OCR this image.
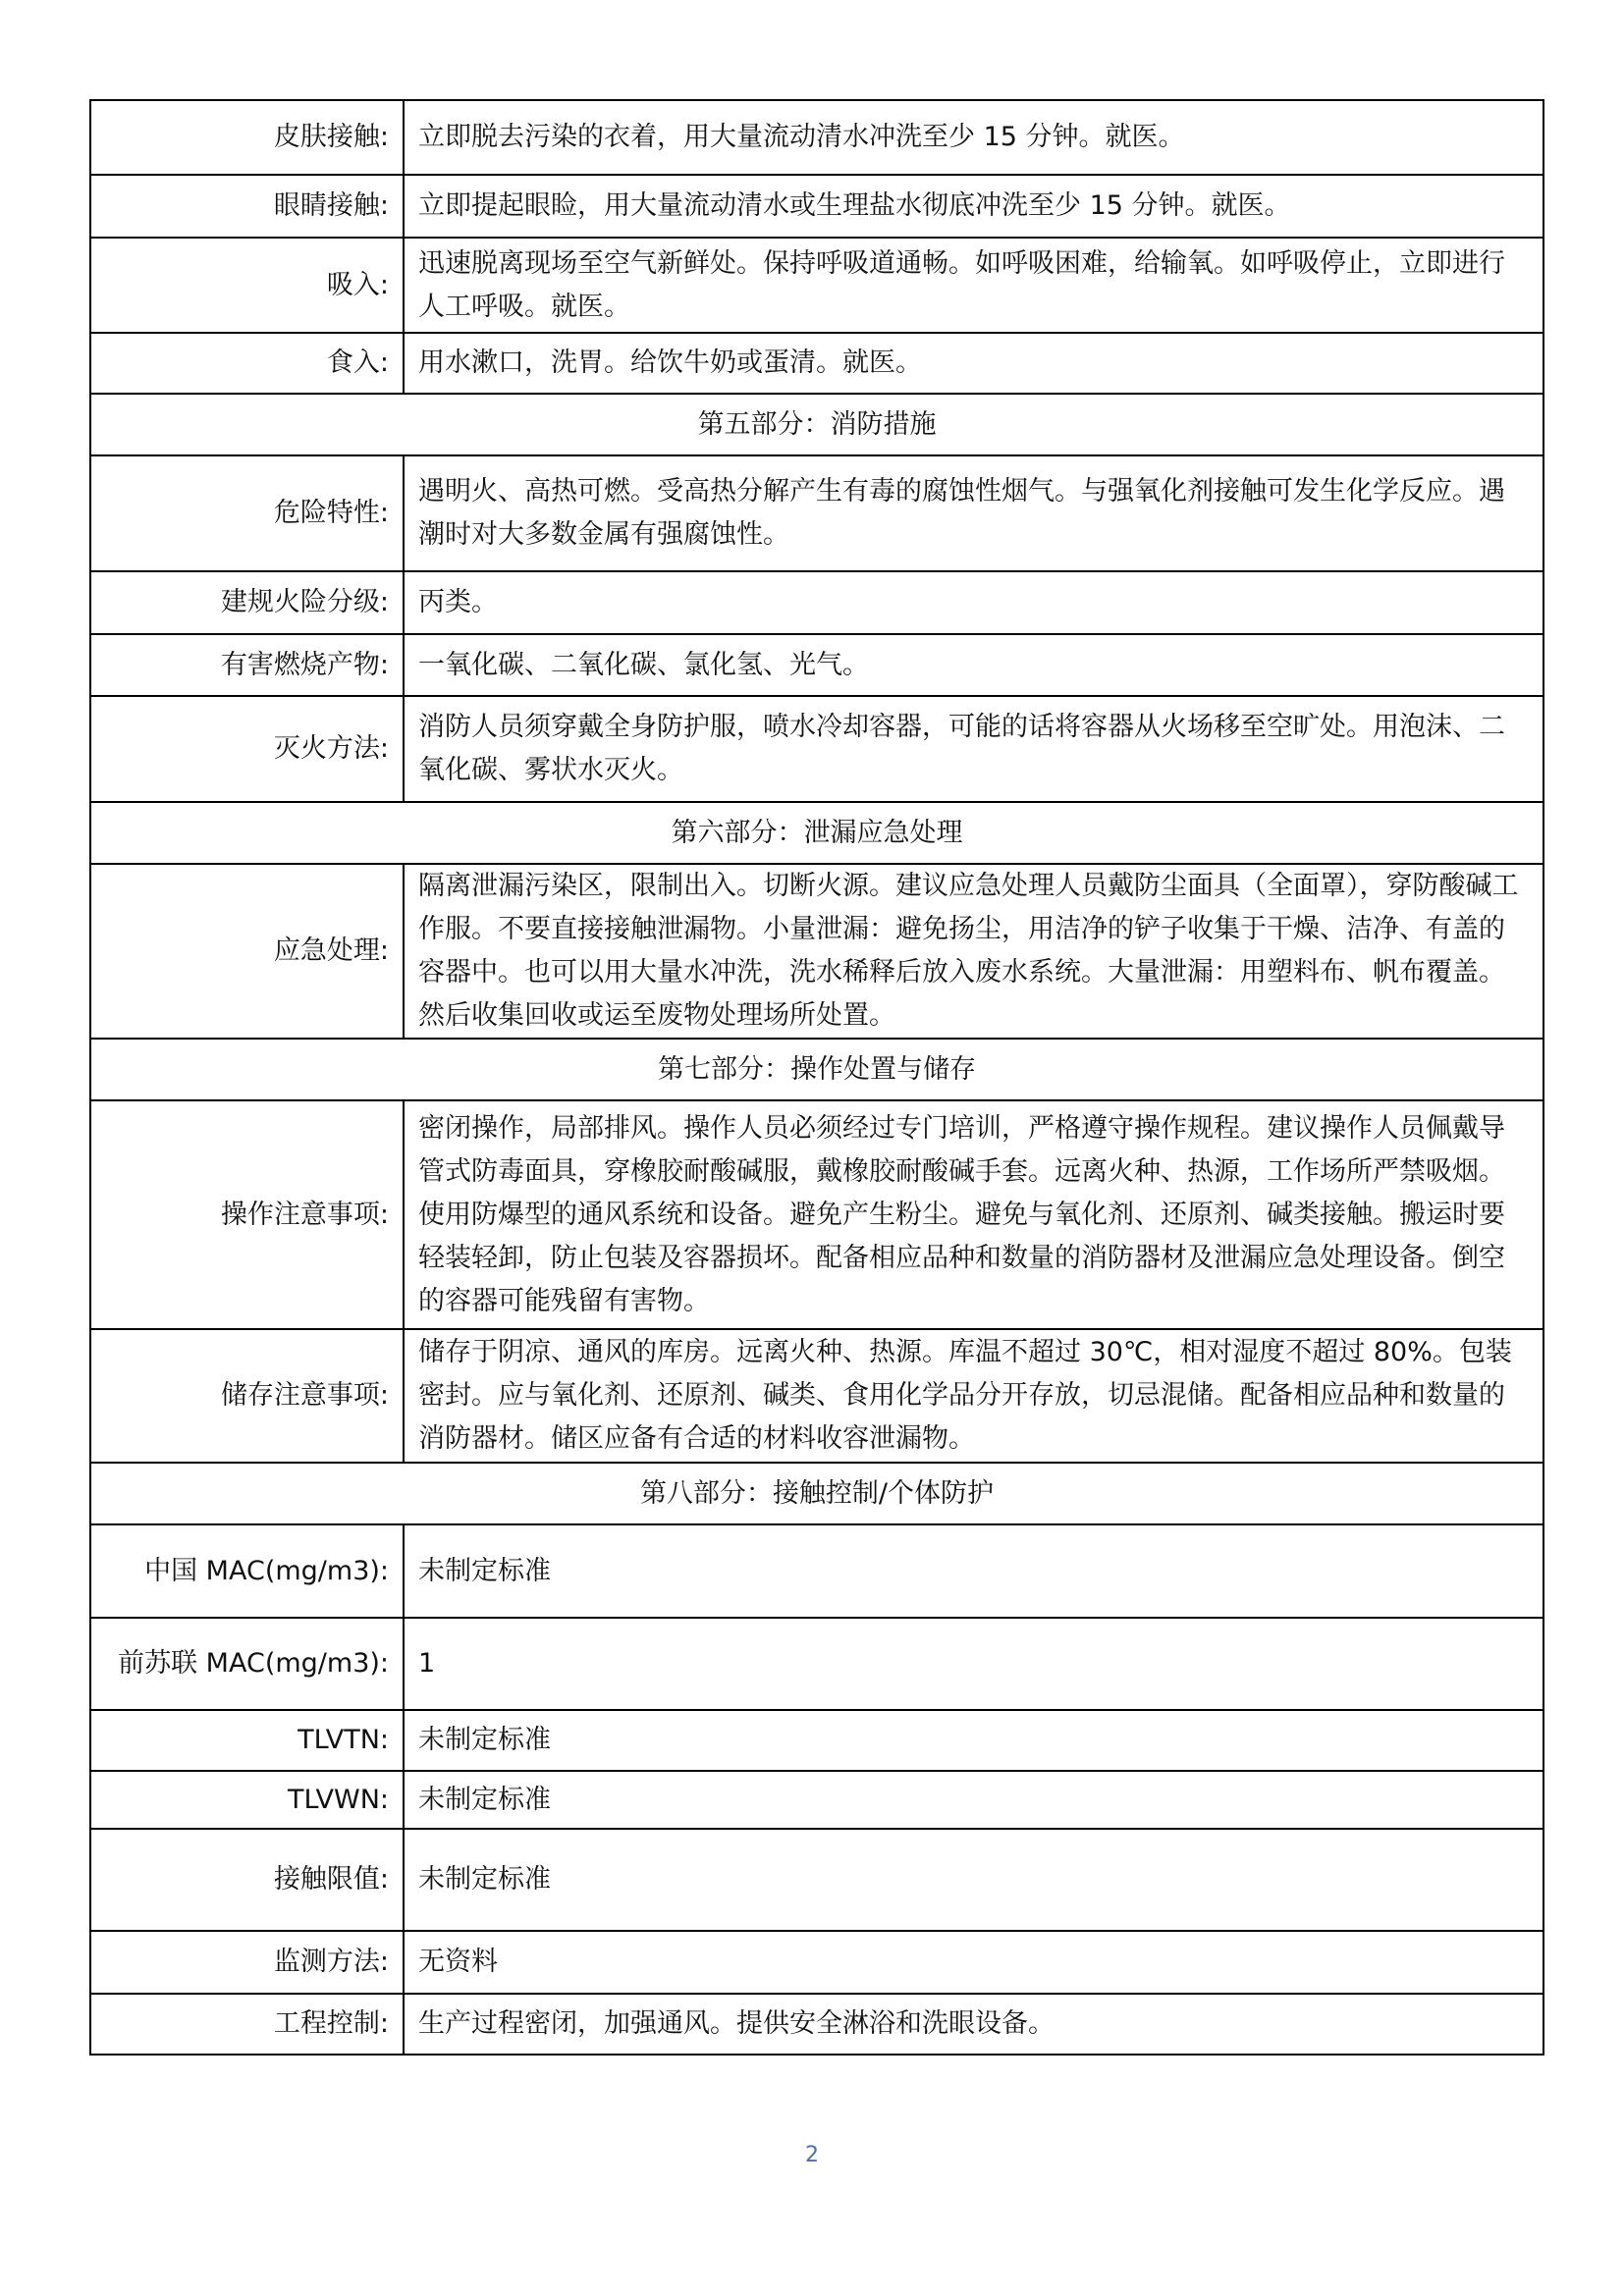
皮肤接触:	立即脱去污染的衣着，用大量流动清水冲洗至少 15 分钟。就医。
眼睛接触:	立即提起眼睑，用大量流动清水或生理盐水彻底冲洗至少 15 分钟。就医。
吸入:	迅速脱离现场至空气新鲜处。保持呼吸道通畅。如呼吸困难，给输氧。如呼吸停止，立即进行人工呼吸。就医。
食入:	用水漱口，洗胃。给饮牛奶或蛋清。就医。
第五部分：消防措施	
危险特性:	遇明火、高热可燃。受高热分解产生有毒的腐蚀性烟气。与强氧化剂接触可发生化学反应。遇潮时对大多数金属有强腐蚀性。
建规火险分级:	丙类。
有害燃烧产物:	一氧化碳、二氧化碳、氯化氢、光气。
灭火方法:	消防人员须穿戴全身防护服，喷水冷却容器，可能的话将容器从火场移至空旷处。用泡沫、二氧化碳、雾状水灭火。
第六部分：泄漏应急处理	
应急处理:	隔离泄漏污染区，限制出入。切断火源。建议应急处理人员戴防尘面具（全面罩），穿防酸碱工作服。不要直接接触泄漏物。小量泄漏：避免扬尘，用洁净的铲子收集于干燥、洁净、有盖的容器中。也可以用大量水冲洗，洗水稀释后放入废水系统。大量泄漏：用塑料布、帆布覆盖。然后收集回收或运至废物处理场所处置。
第七部分：操作处置与储存	
操作注意事项:	密闭操作，局部排风。操作人员必须经过专门培训，严格遵守操作规程。建议操作人员佩戴导管式防毒面具，穿橡胶耐酸碱服，戴橡胶耐酸碱手套。远离火种、热源，工作场所严禁吸烟。使用防爆型的通风系统和设备。避免产生粉尘。避免与氧化剂、还原剂、碱类接触。搬运时要轻装轻卸，防止包装及容器损坏。配备相应品种和数量的消防器材及泄漏应急处理设备。倒空的容器可能残留有害物。
储存注意事项:	储存于阴凉、通风的库房。远离火种、热源。库温不超过 30℃，相对湿度不超过 80%。包装密封。应与氧化剂、还原剂、碱类、食用化学品分开存放，切忌混储。配备相应品种和数量的消防器材。储区应备有合适的材料收容泄漏物。
第八部分：接触控制/个体防护	
中国 MAC(mg/m3):	未制定标准
前苏联 MAC(mg/m3):	1
TLVTN:	未制定标准
TLVWN:	未制定标准
接触限值:	未制定标准
监测方法:	无资料
工程控制:	生产过程密闭，加强通风。提供安全淋浴和洗眼设备。
2
